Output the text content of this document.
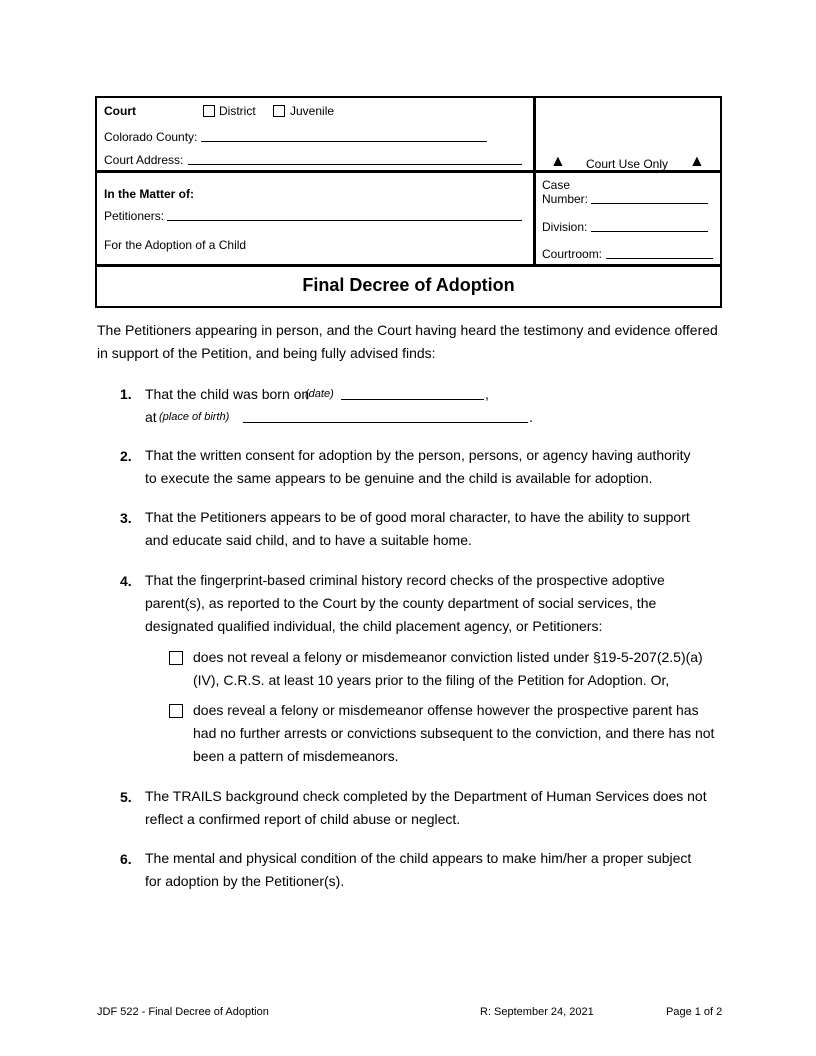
Court	District	Juvenile
Colorado County:
Court Address:	▲ Court Use Only ▲
In the Matter of:
Petitioners:
For the Adoption of a Child
Case
Number:
Division:
Courtroom:
Final Decree of Adoption
The Petitioners appearing in person, and the Court having heard the testimony and evidence offered in support of the Petition, and being fully advised finds:
1. That the child was born on
(date)	,
at (place of birth)	.
2. That the written consent for adoption by the person, persons, or agency having authority to execute the same appears to be genuine and the child is available for adoption.
3. That the Petitioners appears to be of good moral character, to have the ability to support and educate said child, and to have a suitable home.
4. That the fingerprint-based criminal history record checks of the prospective adoptive parent(s), as reported to the Court by the county department of social services, the designated qualified individual, the child placement agency, or Petitioners:
does not reveal a felony or misdemeanor conviction listed under §19-5-207(2.5)(a)(IV), C.R.S. at least 10 years prior to the filing of the Petition for Adoption. Or,
does reveal a felony or misdemeanor offense however the prospective parent has had no further arrests or convictions subsequent to the conviction, and there has not been a pattern of misdemeanors.
5. The TRAILS background check completed by the Department of Human Services does not reflect a confirmed report of child abuse or neglect.
6. The mental and physical condition of the child appears to make him/her a proper subject for adoption by the Petitioner(s).
JDF 522 - Final Decree of Adoption	R: September 24, 2021	Page 1 of 2
